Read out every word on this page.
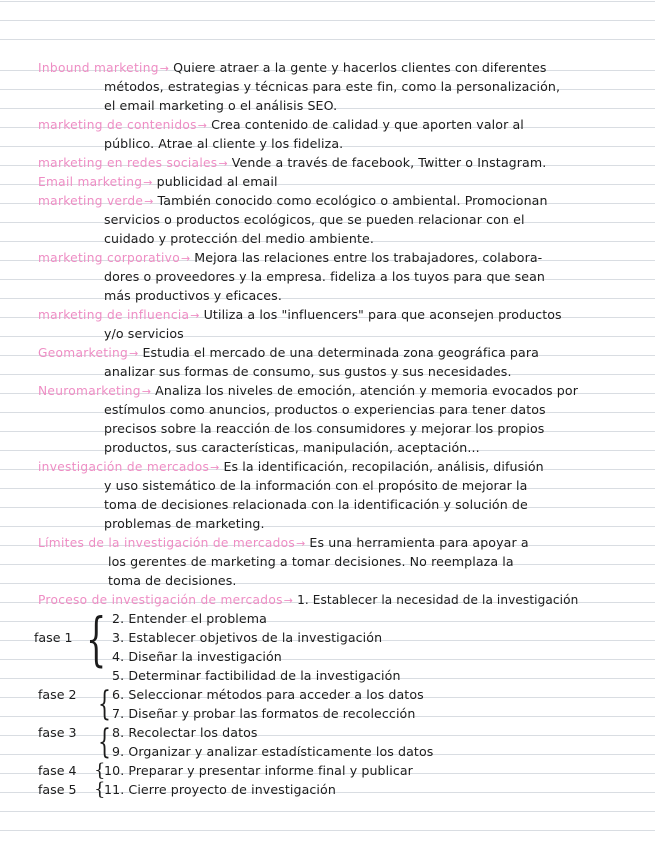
Inbound marketing→ Quiere atraer a la gente y hacerlos clientes con diferentes
métodos, estrategias y técnicas para este fin, como la personalización,
el email marketing o el análisis SEO.
marketing de contenidos→ Crea contenido de calidad y que aporten valor al
público. Atrae al cliente y los fideliza.
marketing en redes sociales→ Vende a través de facebook, Twitter o Instagram.
Email marketing→ publicidad al email
marketing verde→ También conocido como ecológico o ambiental. Promocionan
servicios o productos ecológicos, que se pueden relacionar con el
cuidado y protección del medio ambiente.
marketing corporativo→ Mejora las relaciones entre los trabajadores, colabora-
dores o proveedores y la empresa. fideliza a los tuyos para que sean
más productivos y eficaces.
marketing de influencia→ Utiliza a los "influencers" para que aconsejen productos
y/o servicios
Geomarketing→ Estudia el mercado de una determinada zona geográfica para
analizar sus formas de consumo, sus gustos y sus necesidades.
Neuromarketing→ Analiza los niveles de emoción, atención y memoria evocados por
estímulos como anuncios, productos o experiencias para tener datos
precisos sobre la reacción de los consumidores y mejorar los propios
productos, sus características, manipulación, aceptación...
investigación de mercados→ Es la identificación, recopilación, análisis, difusión
y uso sistemático de la información con el propósito de mejorar la
toma de decisiones relacionada con la identificación y solución de
problemas de marketing.
Límites de la investigación de mercados→ Es una herramienta para apoyar a
los gerentes de marketing a tomar decisiones. No reemplaza la
toma de decisiones.
Proceso de investigación de mercados→ 1. Establecer la necesidad de la investigación
fase 1 { 2. Entender el problema
3. Establecer objetivos de la investigación
4. Diseñar la investigación
5. Determinar factibilidad de la investigación
fase 2 { 6. Seleccionar métodos para acceder a los datos
7. Diseñar y probar las formatos de recolección
fase 3 { 8. Recolectar los datos
9. Organizar y analizar estadísticamente los datos
fase 4 {
10. Preparar y presentar informe final y publicar
fase 5 {
11. Cierre proyecto de investigación
